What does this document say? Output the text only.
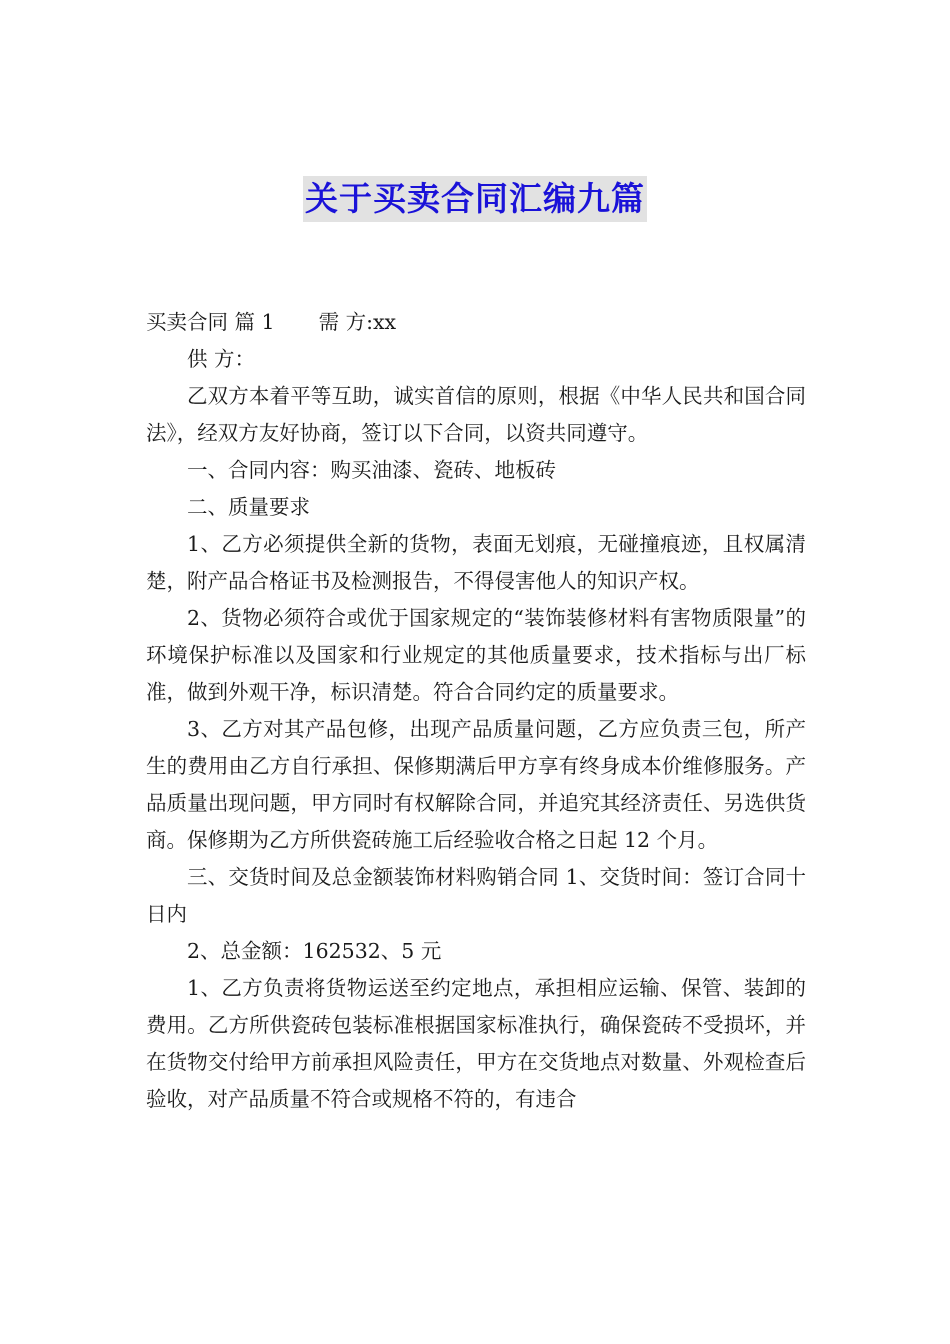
关于买卖合同汇编九篇

买卖合同 篇 1 需 方:xx

供 方：

乙双方本着平等互助，诚实首信的原则，根据《中华人民共和国合同法》，经双方友好协商，签订以下合同，以资共同遵守。

一、合同内容：购买油漆、瓷砖、地板砖

二、质量要求

1、乙方必须提供全新的货物，表面无划痕，无碰撞痕迹，且权属清楚，附产品合格证书及检测报告，不得侵害他人的知识产权。

2、货物必须符合或优于国家规定的“装饰装修材料有害物质限量”的环境保护标准以及国家和行业规定的其他质量要求，技术指标与出厂标准，做到外观干净，标识清楚。符合合同约定的质量要求。

3、乙方对其产品包修，出现产品质量问题，乙方应负责三包，所产生的费用由乙方自行承担、保修期满后甲方享有终身成本价维修服务。产品质量出现问题，甲方同时有权解除合同，并追究其经济责任、另选供货商。保修期为乙方所供瓷砖施工后经验收合格之日起 12 个月。

三、交货时间及总金额装饰材料购销合同 1、交货时间：签订合同十日内

2、总金额：162532、5 元

1、乙方负责将货物运送至约定地点，承担相应运输、保管、装卸的费用。乙方所供瓷砖包装标准根据国家标准执行，确保瓷砖不受损坏，并在货物交付给甲方前承担风险责任，甲方在交货地点对数量、外观检查后验收，对产品质量不符合或规格不符的，有违合
